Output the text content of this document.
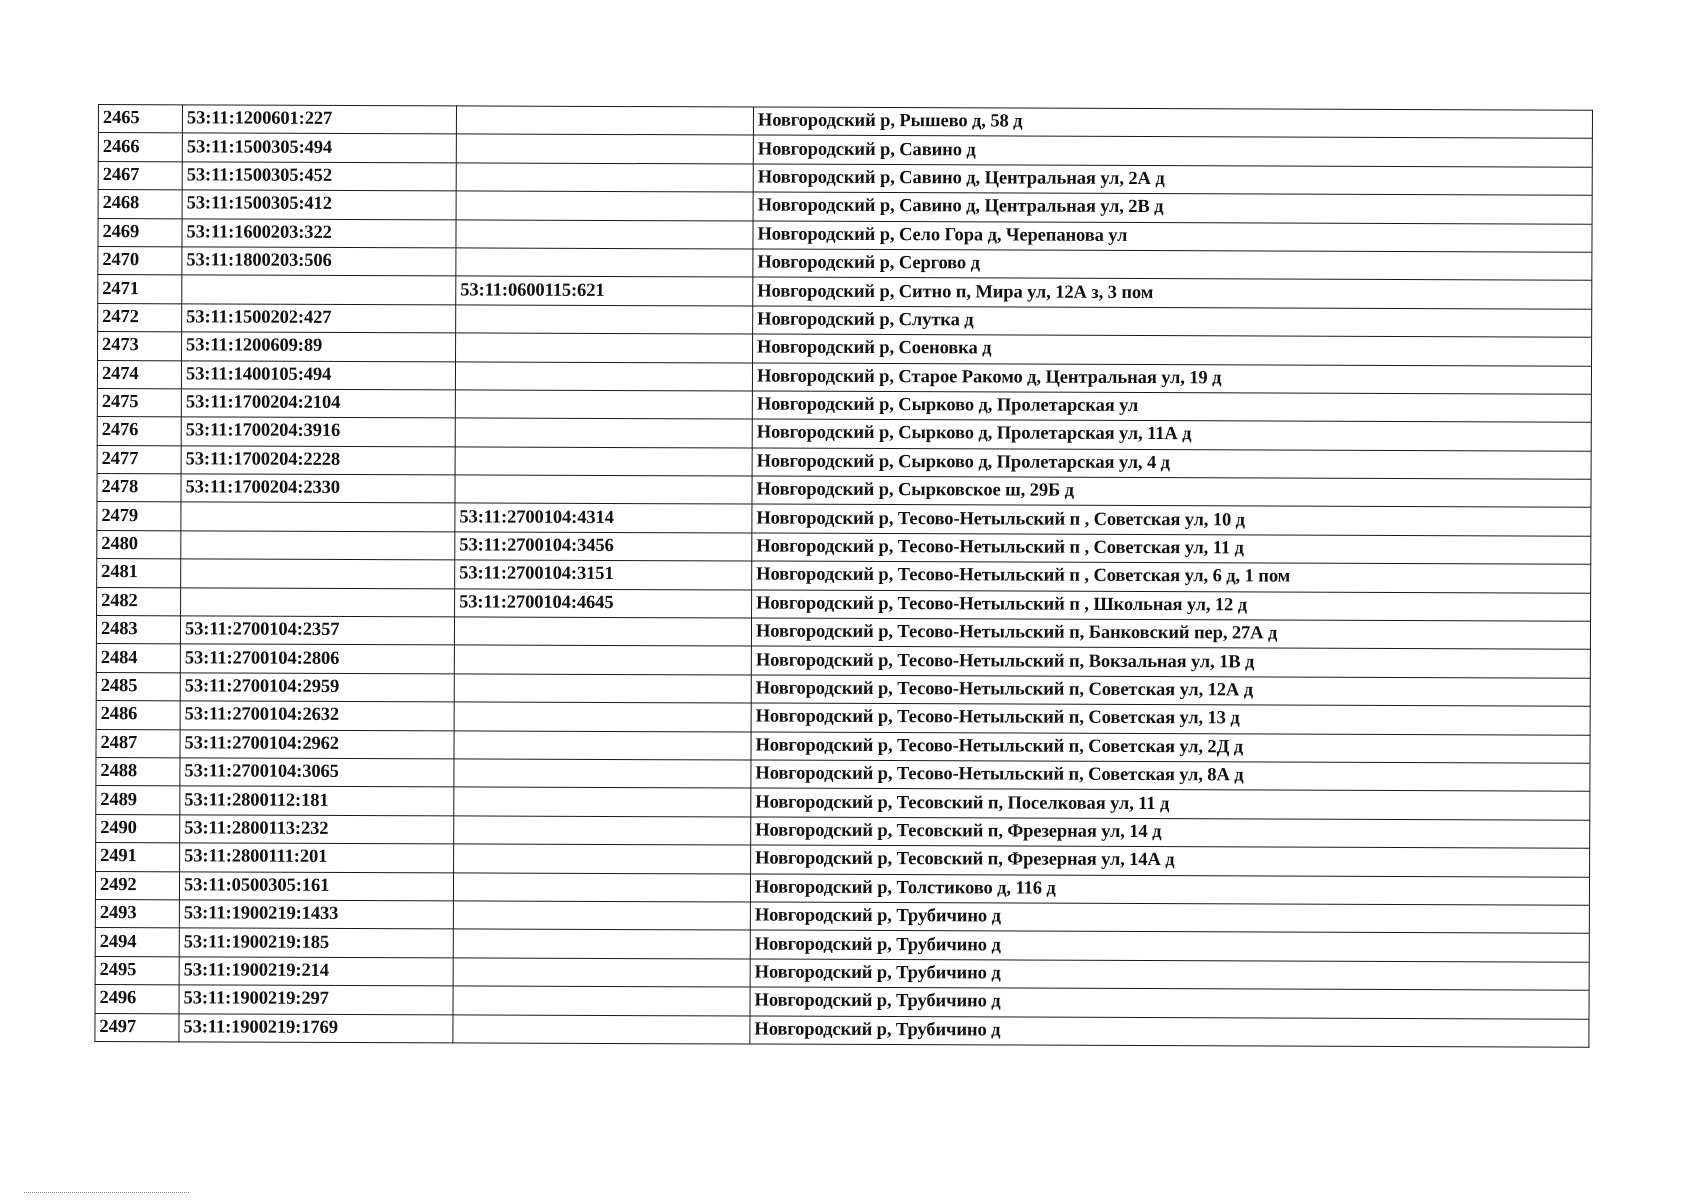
2465	53:11:1200601:227		Новгородский р, Рышево д, 58 д
2466	53:11:1500305:494		Новгородский р, Савино д
2467	53:11:1500305:452		Новгородский р, Савино д, Центральная ул, 2А д
2468	53:11:1500305:412		Новгородский р, Савино д, Центральная ул, 2В д
2469	53:11:1600203:322		Новгородский р, Село Гора д, Черепанова ул
2470	53:11:1800203:506		Новгородский р, Сергово д
2471		53:11:0600115:621	Новгородский р, Ситно п, Мира ул, 12А з, 3 пом
2472	53:11:1500202:427		Новгородский р, Слутка д
2473	53:11:1200609:89		Новгородский р, Соеновка д
2474	53:11:1400105:494		Новгородский р, Старое Ракомо д, Центральная ул, 19 д
2475	53:11:1700204:2104		Новгородский р, Сырково д, Пролетарская ул
2476	53:11:1700204:3916		Новгородский р, Сырково д, Пролетарская ул, 11А д
2477	53:11:1700204:2228		Новгородский р, Сырково д, Пролетарская ул, 4 д
2478	53:11:1700204:2330		Новгородский р, Сырковское ш, 29Б д
2479		53:11:2700104:4314	Новгородский р, Тесово-Нетыльский п , Советская ул, 10 д
2480		53:11:2700104:3456	Новгородский р, Тесово-Нетыльский п , Советская ул, 11 д
2481		53:11:2700104:3151	Новгородский р, Тесово-Нетыльский п , Советская ул, 6 д, 1 пом
2482		53:11:2700104:4645	Новгородский р, Тесово-Нетыльский п , Школьная ул, 12 д
2483	53:11:2700104:2357		Новгородский р, Тесово-Нетыльский п, Банковский пер, 27А д
2484	53:11:2700104:2806		Новгородский р, Тесово-Нетыльский п, Вокзальная ул, 1В д
2485	53:11:2700104:2959		Новгородский р, Тесово-Нетыльский п, Советская ул, 12А д
2486	53:11:2700104:2632		Новгородский р, Тесово-Нетыльский п, Советская ул, 13 д
2487	53:11:2700104:2962		Новгородский р, Тесово-Нетыльский п, Советская ул, 2Д д
2488	53:11:2700104:3065		Новгородский р, Тесово-Нетыльский п, Советская ул, 8А д
2489	53:11:2800112:181		Новгородский р, Тесовский п, Поселковая ул, 11 д
2490	53:11:2800113:232		Новгородский р, Тесовский п, Фрезерная ул, 14 д
2491	53:11:2800111:201		Новгородский р, Тесовский п, Фрезерная ул, 14А д
2492	53:11:0500305:161		Новгородский р, Толстиково д, 116 д
2493	53:11:1900219:1433		Новгородский р, Трубичино д
2494	53:11:1900219:185		Новгородский р, Трубичино д
2495	53:11:1900219:214		Новгородский р, Трубичино д
2496	53:11:1900219:297		Новгородский р, Трубичино д
2497	53:11:1900219:1769		Новгородский р, Трубичино д
